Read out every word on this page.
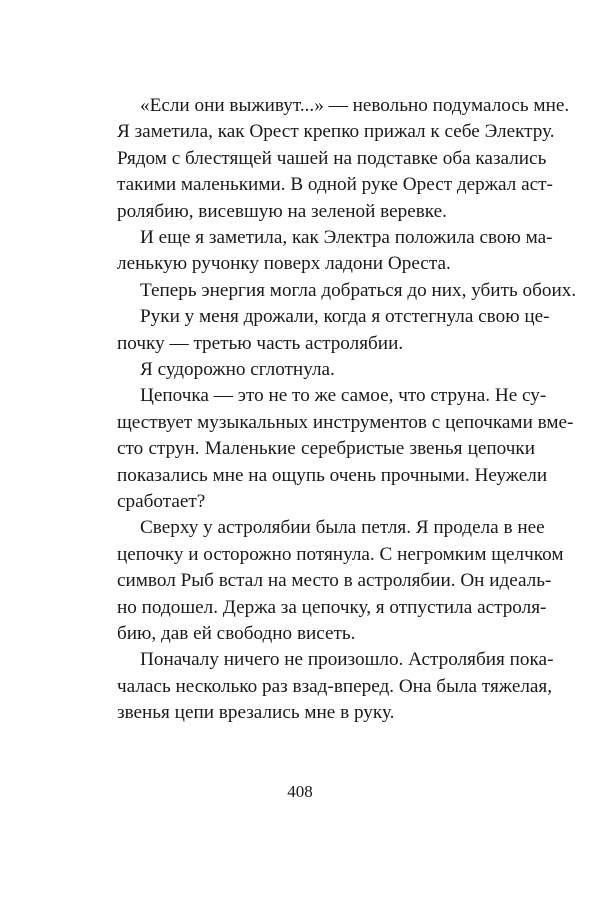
«Если они выживут...» — невольно подумалось мне.
Я заметила, как Орест крепко прижал к себе Электру.
Рядом с блестящей чашей на подставке оба казались
такими маленькими. В одной руке Орест держал аст-
ролябию, висевшую на зеленой веревке.
И еще я заметила, как Электра положила свою ма-
ленькую ручонку поверх ладони Ореста.
Теперь энергия могла добраться до них, убить обоих.
Руки у меня дрожали, когда я отстегнула свою це-
почку — третью часть астролябии.
Я судорожно сглотнула.
Цепочка — это не то же самое, что струна. Не су-
ществует музыкальных инструментов с цепочками вме-
сто струн. Маленькие серебристые звенья цепочки
показались мне на ощупь очень прочными. Неужели
сработает?
Сверху у астролябии была петля. Я продела в нее
цепочку и осторожно потянула. С негромким щелчком
символ Рыб встал на место в астролябии. Он идеаль-
но подошел. Держа за цепочку, я отпустила астроля-
бию, дав ей свободно висеть.
Поначалу ничего не произошло. Астролябия пока-
чалась несколько раз взад-вперед. Она была тяжелая,
звенья цепи врезались мне в руку.
408
